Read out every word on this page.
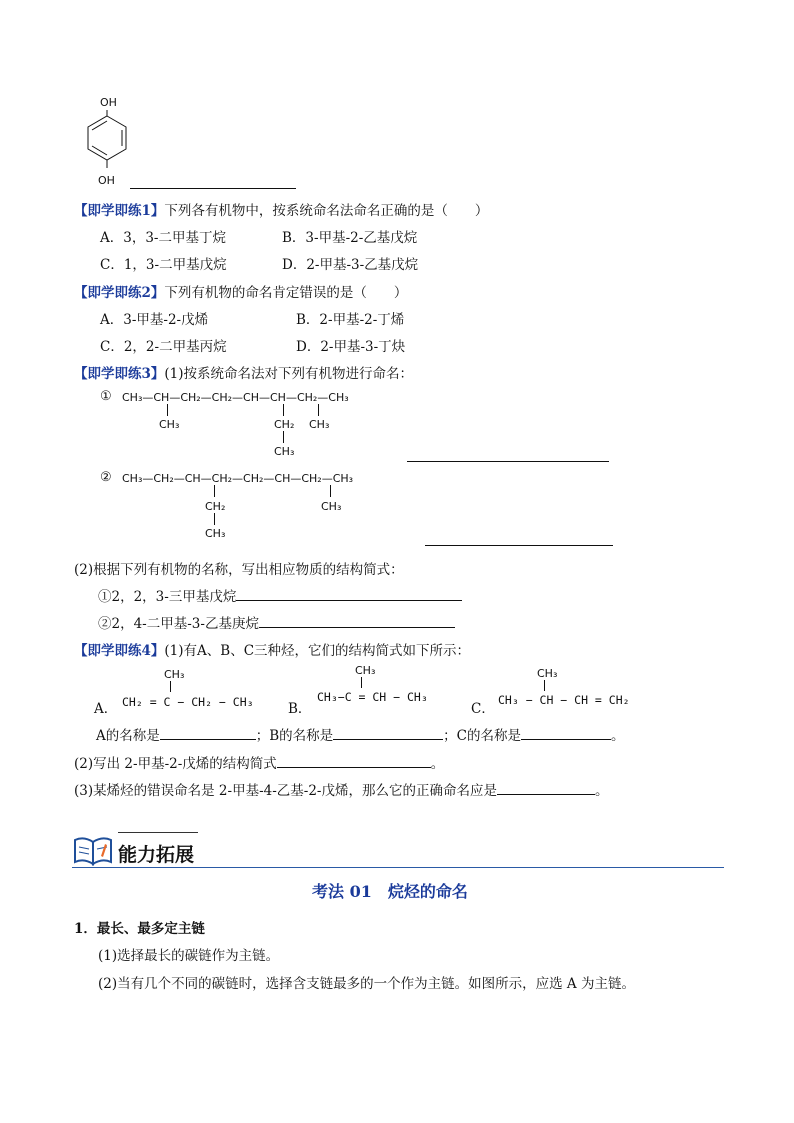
OH
OH
【即学即练1】下列各有机物中，按系统命名法命名正确的是（　　）
A．3，3-二甲基丁烷	B．3-甲基-2-乙基戊烷
C．1，3-二甲基戊烷	D．2-甲基-3-乙基戊烷
【即学即练2】下列有机物的命名肯定错误的是（　　）
A．3-甲基-2-戊烯	B．2-甲基-2-丁烯
C．2，2-二甲基丙烷	D．2-甲基-3-丁炔
【即学即练3】(1)按系统命名法对下列有机物进行命名：
① CH₃—CH—CH₂—CH₂—CH—CH—CH₂—CH₃
CH₃	CH₂
CH₃
CH₃
② CH₃—CH₂—CH—CH₂—CH₂—CH—CH₂—CH₃
CH₂
CH₃
CH₃
(2)根据下列有机物的名称，写出相应物质的结构简式：
①2，2，3-三甲基戊烷
②2，4-二甲基-3-乙基庚烷
【即学即练4】(1)有A、B、C三种烃，它们的结构简式如下所示：
CH₃
A． CH₂ = C − CH₂ − CH₃
CH₃
B．
CH₃−C = CH − CH₃
CH₃
C．
CH₃ − CH − CH = CH₂
A的名称是	；B的名称是	；C的名称是	。
(2)写出 2-甲基-2-戊烯的结构简式	。
(3)某烯烃的错误命名是 2-甲基-4-乙基-2-戊烯，那么它的正确命名应是	。
能力拓展
考法 01　烷烃的命名
1．最长、最多定主链
(1)选择最长的碳链作为主链。
(2)当有几个不同的碳链时，选择含支链最多的一个作为主链。如图所示，应选 A 为主链。
